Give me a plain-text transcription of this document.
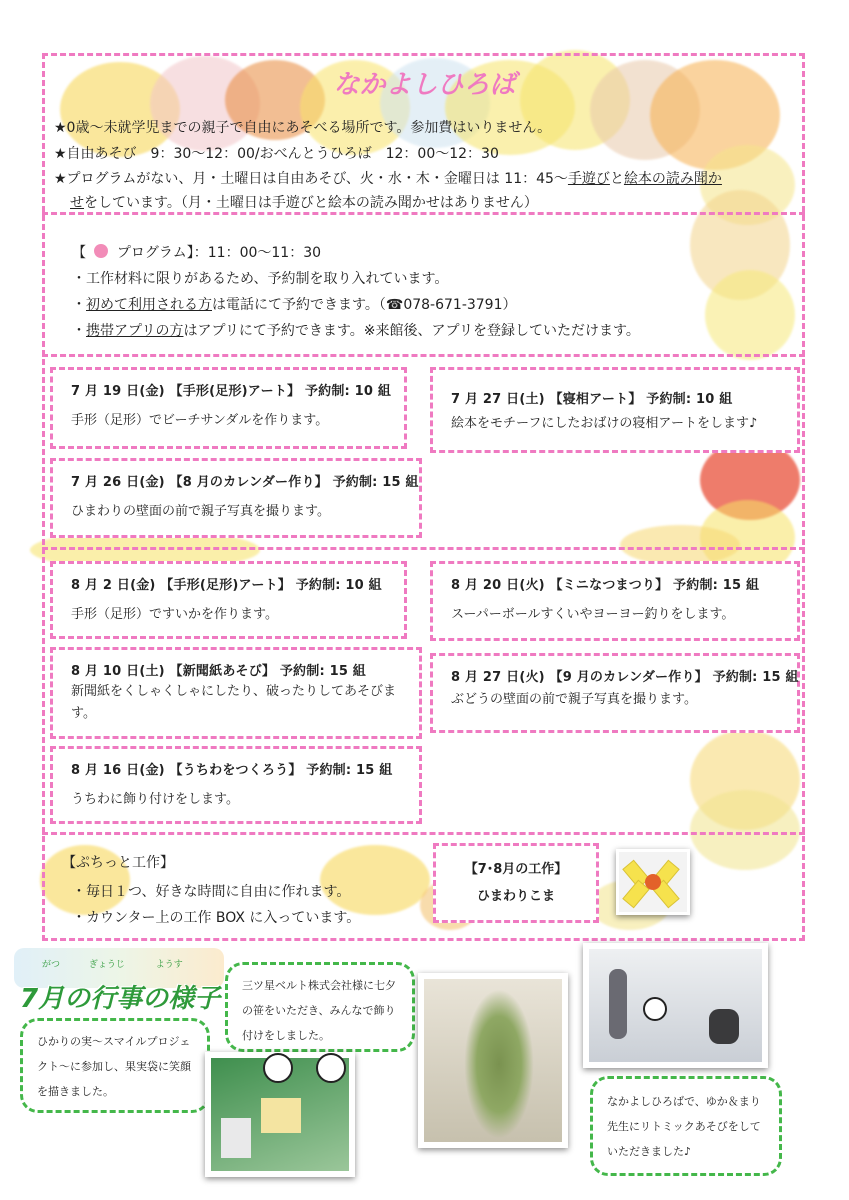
なかよしひろば
★0歳〜未就学児までの親子で自由にあそべる場所です。参加費はいりません。
★自由あそび　9：30〜12：00/おべんとうひろば　12：00〜12：30
★プログラムがない、月・土曜日は自由あそび、火・水・木・金曜日は 11：45〜手遊びと絵本の読み聞か
せをしています。（月・土曜日は手遊びと絵本の読み聞かせはありません）
【 プログラム】：11：00〜11：30
・工作材料に限りがあるため、予約制を取り入れています。
・初めて利用される方は電話にて予約できます。（☎078-671-3791）
・携帯アプリの方はアプリにて予約できます。※来館後、アプリを登録していただけます。
7 月 19 日(金) 【手形(足形)アート】 予約制: 10 組
手形（足形）でビーチサンダルを作ります。
7 月 27 日(土) 【寝相アート】 予約制: 10 組
絵本をモチーフにしたおばけの寝相アートをします♪
7 月 26 日(金) 【8 月のカレンダー作り】 予約制: 15 組
ひまわりの壁面の前で親子写真を撮ります。
8 月 2 日(金) 【手形(足形)アート】 予約制: 10 組
手形（足形）ですいかを作ります。
8 月 20 日(火) 【ミニなつまつり】 予約制: 15 組
スーパーボールすくいやヨーヨー釣りをします。
8 月 10 日(土) 【新聞紙あそび】 予約制: 15 組
新聞紙をくしゃくしゃにしたり、破ったりしてあそびます。
8 月 27 日(火) 【9 月のカレンダー作り】 予約制: 15 組
ぶどうの壁面の前で親子写真を撮ります。
8 月 16 日(金) 【うちわをつくろう】 予約制: 15 組
うちわに飾り付けをします。
【ぷちっと工作】
・毎日１つ、好きな時間に自由に作れます。
・カウンター上の工作 BOX に入っています。
【7･8月の工作】
ひまわりこま
がつ	ぎょうじ	ようす
7月の行事の様子
ひかりの実〜スマイルプロジェクト〜に参加し、果実袋に笑顔を描きました。
三ツ星ベルト株式会社様に七夕の笹をいただき、みんなで飾り付けをしました。
なかよしひろばで、ゆか＆まり先生にリトミックあそびをしていただきました♪
